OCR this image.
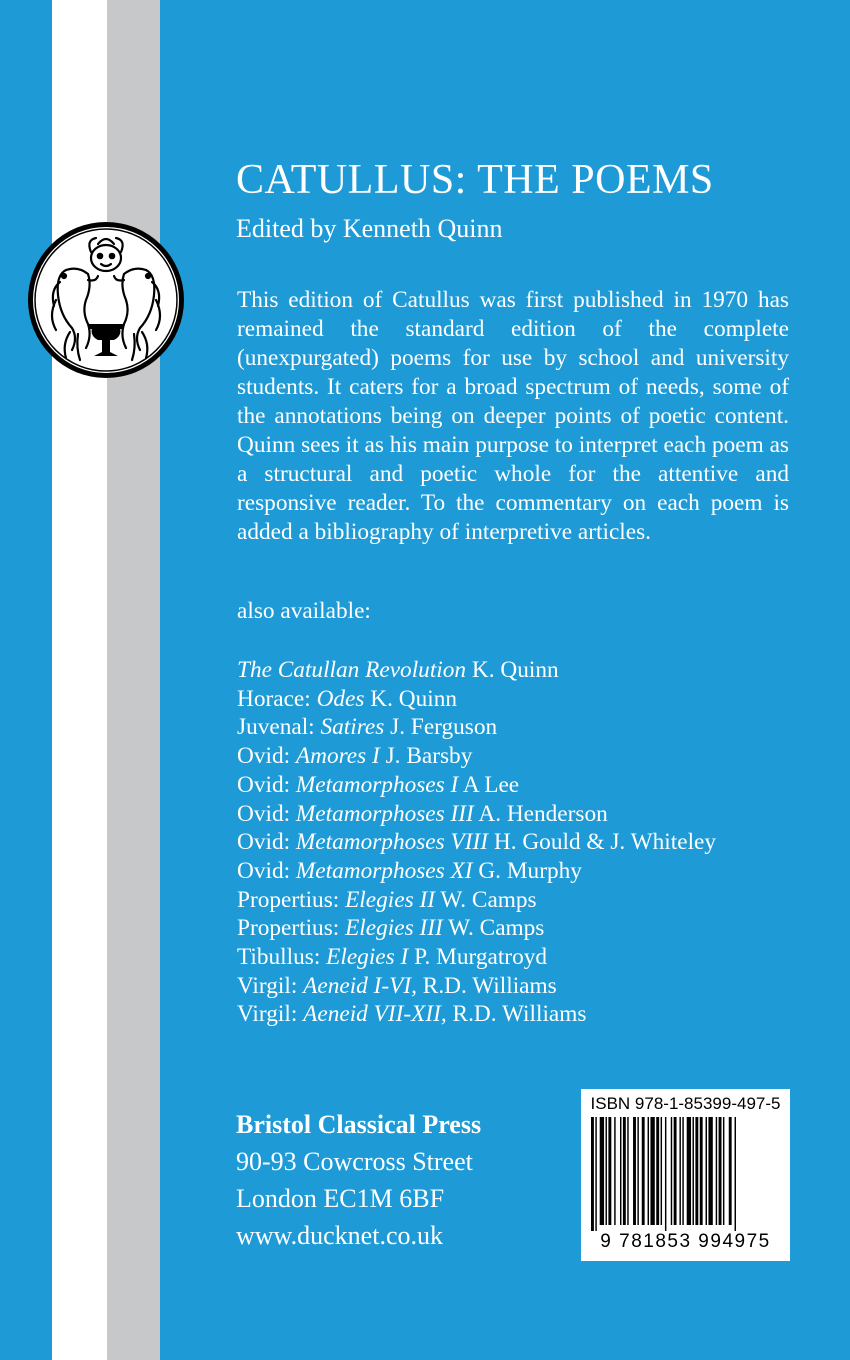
CATULLUS: THE POEMS
Edited by Kenneth Quinn

This edition of Catullus was first published in 1970 has remained the standard edition of the complete (unexpurgated) poems for use by school and university students. It caters for a broad spectrum of needs, some of the annotations being on deeper points of poetic content. Quinn sees it as his main purpose to interpret each poem as a structural and poetic whole for the attentive and responsive reader. To the commentary on each poem is added a bibliography of interpretive articles.

also available:
The Catullan Revolution K. Quinn
Horace: Odes K. Quinn
Juvenal: Satires J. Ferguson
Ovid: Amores I J. Barsby
Ovid: Metamorphoses I A Lee
Ovid: Metamorphoses III A. Henderson
Ovid: Metamorphoses VIII H. Gould & J. Whiteley
Ovid: Metamorphoses XI G. Murphy
Propertius: Elegies II W. Camps
Propertius: Elegies III W. Camps
Tibullus: Elegies I P. Murgatroyd
Virgil: Aeneid I-VI, R.D. Williams
Virgil: Aeneid VII-XII, R.D. Williams
Bristol Classical Press
90-93 Cowcross Street
London EC1M 6BF
www.ducknet.co.uk
ISBN 978-1-85399-497-5
9 781853 994975
